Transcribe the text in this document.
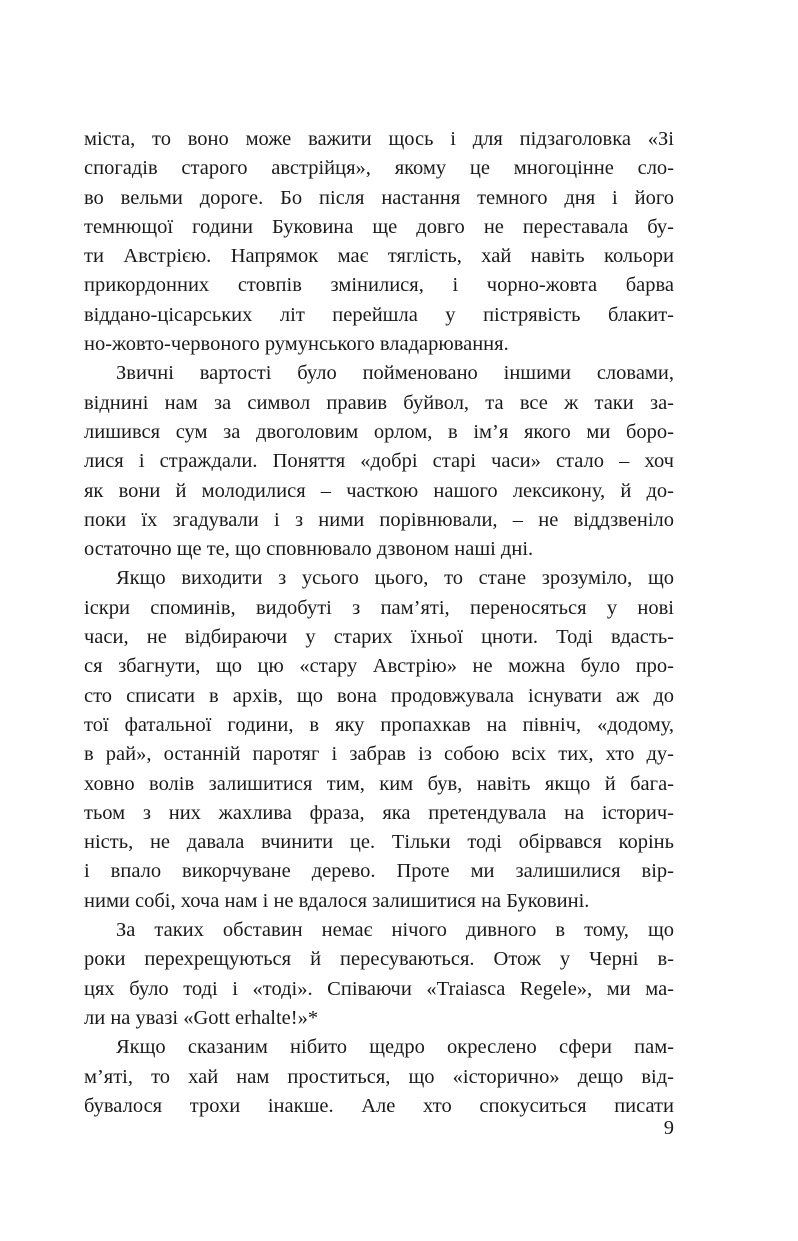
міста, то воно може важити щось і для підзаголовка «Зі
спогадів старого австрійця», якому це многоцінне сло-
во вельми дороге. Бо після настання темного дня і його
темнющої години Буковина ще довго не переставала бу-
ти Австрією. Напрямок має тяглість, хай навіть кольори
прикордонних стовпів змінилися, і чорно-жовта барва
віддано-цісарських літ перейшла у пістрявість блакит-
но-жовто-червоного румунського владарювання.
Звичні вартості було пойменовано іншими словами,
віднині нам за символ правив буйвол, та все ж таки за-
лишився сум за двоголовим орлом, в ім’я якого ми боро-
лися і страждали. Поняття «добрі старі часи» стало – хоч
як вони й молодилися – часткою нашого лексикону, й до-
поки їх згадували і з ними порівнювали, – не віддзвеніло
остаточно ще те, що сповнювало дзвоном наші дні.
Якщо виходити з усього цього, то стане зрозуміло, що
іскри споминів, видобуті з пам’яті, переносяться у нові
часи, не відбираючи у старих їхньої цноти. Тоді вдасть-
ся збагнути, що цю «стару Австрію» не можна було про-
сто списати в архів, що вона продовжувала існувати аж до
тої фатальної години, в яку пропахкав на північ, «додому,
в рай», останній паротяг і забрав із собою всіх тих, хто ду-
ховно волів залишитися тим, ким був, навіть якщо й бага-
тьом з них жахлива фраза, яка претендувала на історич-
ність, не давала вчинити це. Тільки тоді обірвався корінь
і впало викорчуване дерево. Проте ми залишилися вір-
ними собі, хоча нам і не вдалося залишитися на Буковині.
За таких обставин немає нічого дивного в тому, що
роки перехрещуються й пересуваються. Отож у Черні в-
цях було тоді і «тоді». Співаючи «Traiasca Regele», ми ма-
ли на увазі «Gott erhalte!»*
Якщо сказаним нібито щедро окреслено сфери пам-
м’яті, то хай нам проститься, що «історично» дещо від-
бувалося трохи інакше. Але хто спокуситься писати
9
